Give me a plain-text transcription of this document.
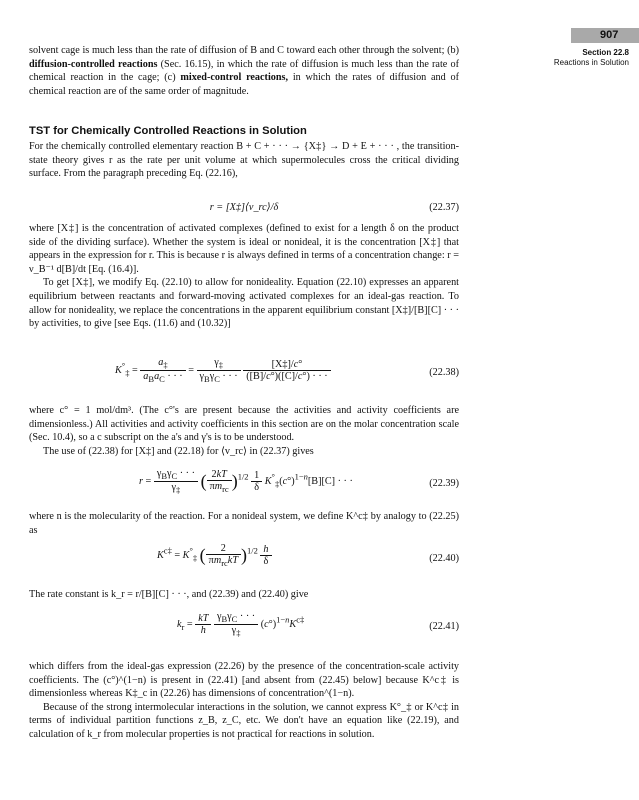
907
Section 22.8
Reactions in Solution

solvent cage is much less than the rate of diffusion of B and C toward each other through the solvent; (b) diffusion-controlled reactions (Sec. 16.15), in which the rate of diffusion is much less than the rate of chemical reaction in the cage; (c) mixed-control reactions, in which the rates of diffusion and of chemical reaction are of the same order of magnitude.

TST for Chemically Controlled Reactions in Solution

For the chemically controlled elementary reaction B + C + · · · → {X‡} → D + E + · · · , the transition-state theory gives r as the rate per unit volume at which supermolecules cross the critical dividing surface. From the paragraph preceding Eq. (22.16),

r = [X‡]⟨v_rc⟩/δ	(22.37)

where [X‡] is the concentration of activated complexes (defined to exist for a length δ on the product side of the dividing surface). Whether the system is ideal or nonideal, it is the concentration [X‡] that appears in the expression for r. This is because r is always defined in terms of a concentration change: r = ν_B⁻¹ d[B]/dt [Eq. (16.4)].

To get [X‡], we modify Eq. (22.10) to allow for nonideality. Equation (22.10) expresses an apparent equilibrium between reactants and forward-moving activated complexes for an ideal-gas reaction. To allow for nonideality, we replace the concentrations in the apparent equilibrium constant [X‡]/[B][C] · · · by activities, to give [see Eqs. (11.6) and (10.32)]

$K^\circ_\ddagger = \frac{a_\ddagger}{a_Ba_C \cdot \cdot \cdot} = \frac{\gamma_\ddagger}{\gamma_B\gamma_C \cdot \cdot \cdot}$
$\frac{[X\ddagger]/c^\circ}{([B]/c^\circ)([C]/c^\circ) \cdot \cdot \cdot}$	(22.38)

where c° = 1 mol/dm³. (The c°'s are present because the activities and activity coefficients are dimensionless.) All activities and activity coefficients in this section are on the molar concentration scale (Sec. 10.4), so a c subscript on the a's and γ's is to be understood.

The use of (22.38) for [X‡] and (22.18) for ⟨v_rc⟩ in (22.37) gives

$r = \frac{\gamma_B\gamma_C \cdot \cdot \cdot}{\gamma_\ddagger}$ ( $\frac{2kT}{\pi m_{rc}} )^{1/2} \frac{1}{\delta} K^\circ_\ddagger(c^\circ)^{1-n}[B][C]$ · · ·	(22.39)

where n is the molecularity of the reaction. For a nonideal system, we define K^c‡ by analogy to (22.25) as

$K^{c\ddagger} = K^\circ_\ddagger$ ( $\frac{2}{\pi m_{rc}kT} )^{1/2} \frac{h}{\delta}$	(22.40)

The rate constant is k_r = r/[B][C] · · ·, and (22.39) and (22.40) give

$k_r = \frac{kT}{h}$
$\frac{\gamma_B\gamma_C \cdot \cdot \cdot}{\gamma_\ddagger} (c^\circ)^{1-n}K^{c\ddagger}$
(22.41)

which differs from the ideal-gas expression (22.26) by the presence of the concentration-scale activity coefficients. The (c°)^(1−n) is present in (22.41) [and absent from (22.45) below] because K^c‡ is dimensionless whereas K‡_c in (22.26) has dimensions of concentration^(1−n).

Because of the strong intermolecular interactions in the solution, we cannot express K°_‡ or K^c‡ in terms of individual partition functions z_B, z_C, etc. We don't have an equation like (22.19), and calculation of k_r from molecular properties is not practical for reactions in solution.
